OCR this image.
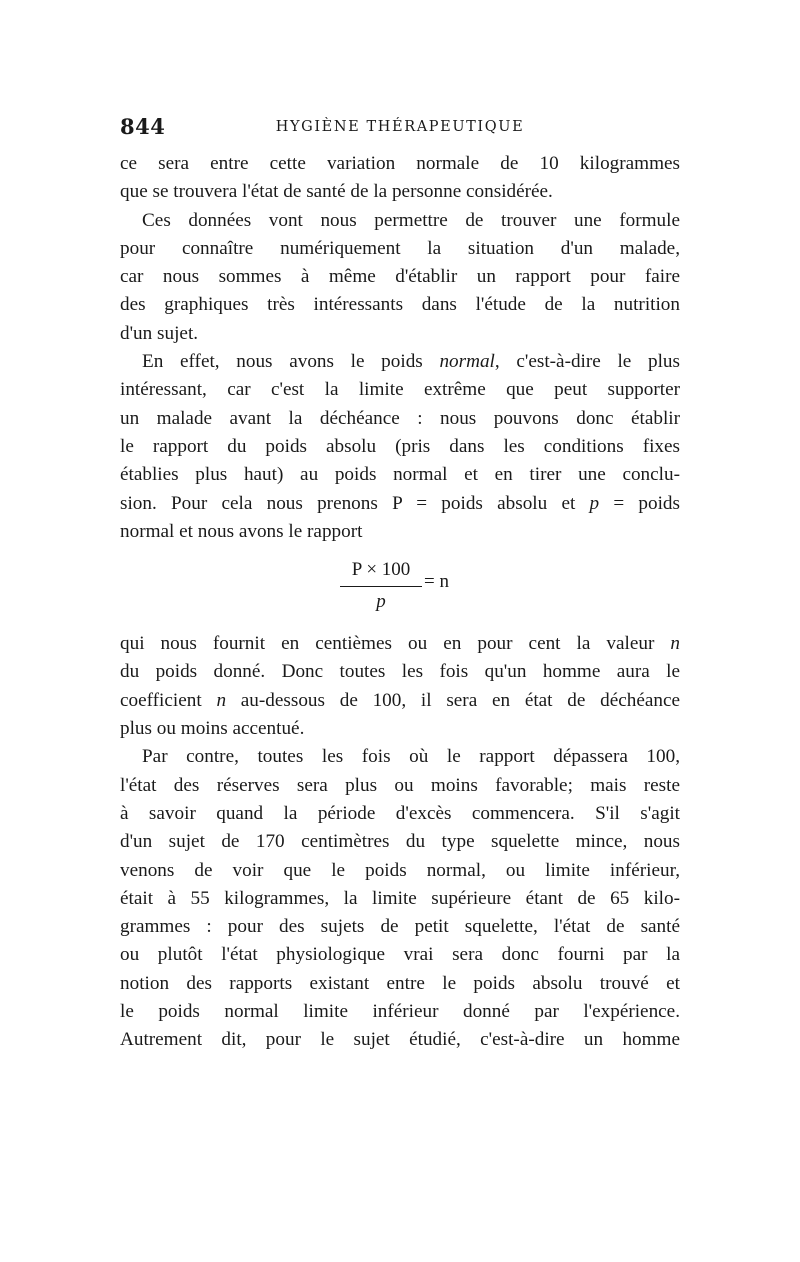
844	HYGIÈNE THÉRAPEUTIQUE

ce sera entre cette variation normale de 10 kilogrammes
que se trouvera l'état de santé de la personne considérée.

Ces données vont nous permettre de trouver une formule
pour connaître numériquement la situation d'un malade,
car nous sommes à même d'établir un rapport pour faire
des graphiques très intéressants dans l'étude de la nutrition
d'un sujet.

En effet, nous avons le poids normal, c'est-à-dire le plus
intéressant, car c'est la limite extrême que peut supporter
un malade avant la déchéance : nous pouvons donc établir
le rapport du poids absolu (pris dans les conditions fixes
établies plus haut) au poids normal et en tirer une conclu-
sion. Pour cela nous prenons P = poids absolu et p = poids
normal et nous avons le rapport

$\frac{P \times 100}{p} = n$

qui nous fournit en centièmes ou en pour cent la valeur n
du poids donné. Donc toutes les fois qu'un homme aura le
coefficient n au-dessous de 100, il sera en état de déchéance
plus ou moins accentué.

Par contre, toutes les fois où le rapport dépassera 100,
l'état des réserves sera plus ou moins favorable; mais reste
à savoir quand la période d'excès commencera. S'il s'agit
d'un sujet de 170 centimètres du type squelette mince, nous
venons de voir que le poids normal, ou limite inférieur,
était à 55 kilogrammes, la limite supérieure étant de 65 kilo-
grammes : pour des sujets de petit squelette, l'état de santé
ou plutôt l'état physiologique vrai sera donc fourni par la
notion des rapports existant entre le poids absolu trouvé et
le poids normal limite inférieur donné par l'expérience.
Autrement dit, pour le sujet étudié, c'est-à-dire un homme
